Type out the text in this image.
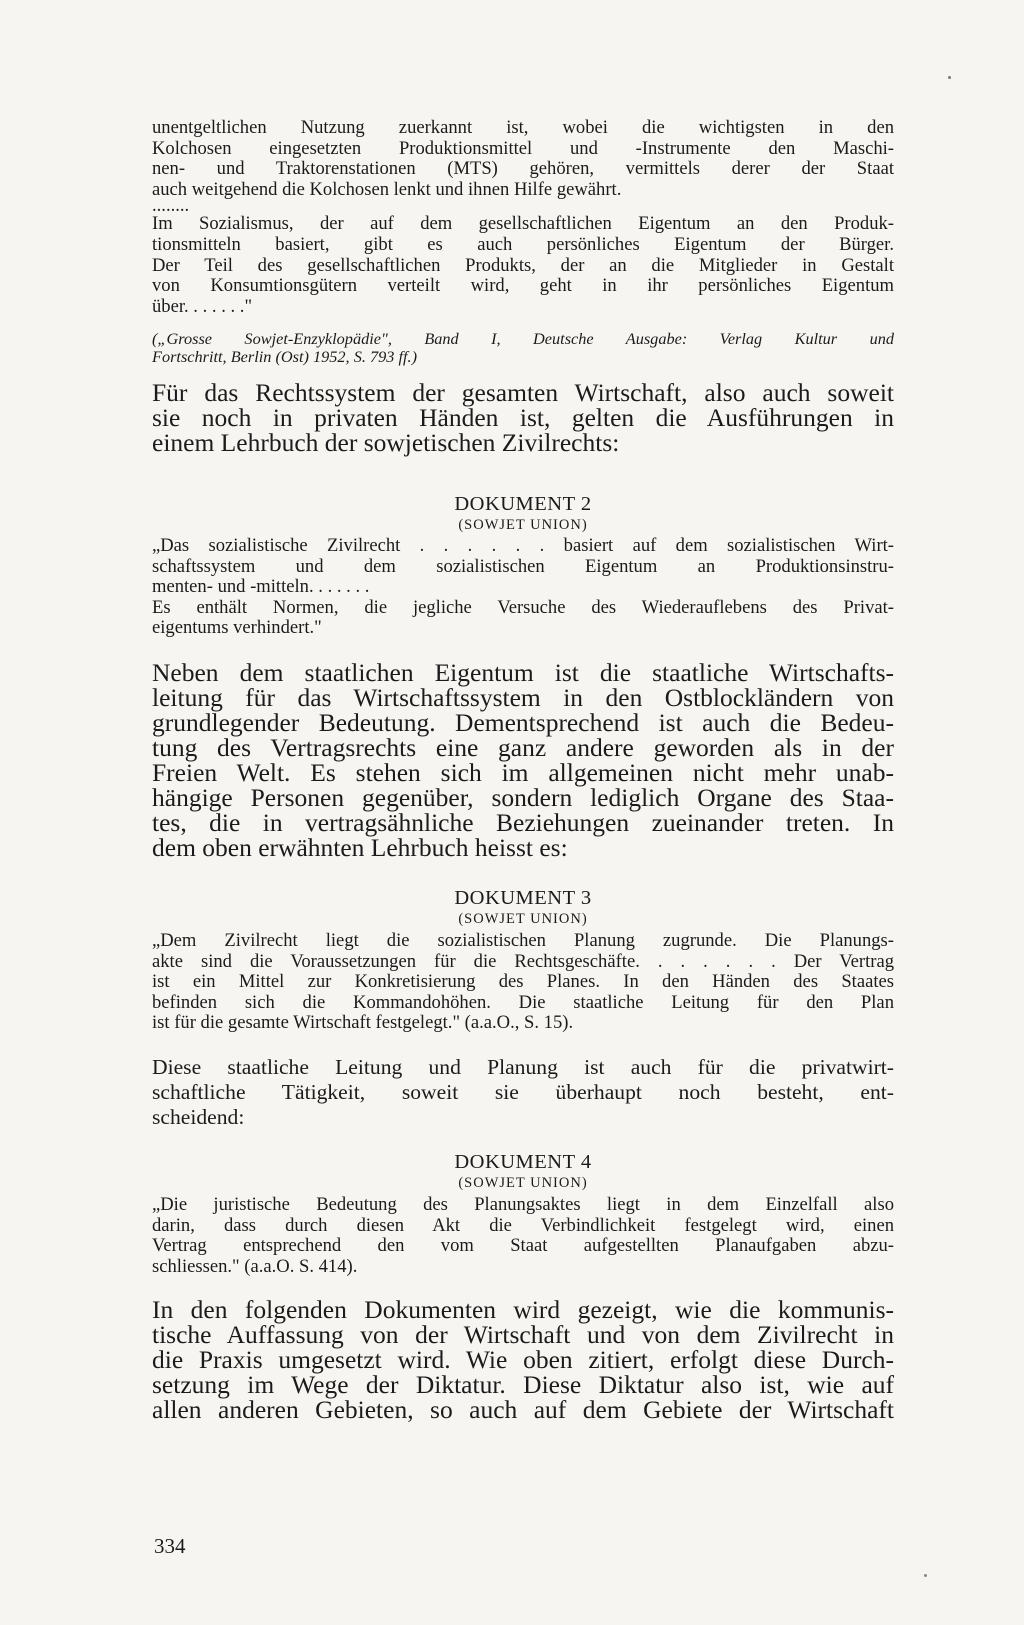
unentgeltlichen Nutzung zuerkannt ist, wobei die wichtigsten in den
Kolchosen eingesetzten Produktionsmittel und -Instrumente den Maschi-
nen- und Traktorenstationen (MTS) gehören, vermittels derer der Staat
auch weitgehend die Kolchosen lenkt und ihnen Hilfe gewährt.
........
Im Sozialismus, der auf dem gesellschaftlichen Eigentum an den Produk-
tionsmitteln basiert, gibt es auch persönliches Eigentum der Bürger.
Der Teil des gesellschaftlichen Produkts, der an die Mitglieder in Gestalt
von Konsumtionsgütern verteilt wird, geht in ihr persönliches Eigentum
über. . . . . . ."
(„Grosse Sowjet-Enzyklopädie", Band I, Deutsche Ausgabe: Verlag Kultur und
Fortschritt, Berlin (Ost) 1952, S. 793 ff.)
Für das Rechtssystem der gesamten Wirtschaft, also auch soweit
sie noch in privaten Händen ist, gelten die Ausführungen in
einem Lehrbuch der sowjetischen Zivilrechts:
DOKUMENT 2
(SOWJET UNION)
„Das sozialistische Zivilrecht . . . . . . basiert auf dem sozialistischen Wirt-
schaftssystem und dem sozialistischen Eigentum an Produktionsinstru-
menten- und -mitteln. . . . . . .
Es enthält Normen, die jegliche Versuche des Wiederauflebens des Privat-
eigentums verhindert."
Neben dem staatlichen Eigentum ist die staatliche Wirtschafts-
leitung für das Wirtschaftssystem in den Ostblockländern von
grundlegender Bedeutung. Dementsprechend ist auch die Bedeu-
tung des Vertragsrechts eine ganz andere geworden als in der
Freien Welt. Es stehen sich im allgemeinen nicht mehr unab-
hängige Personen gegenüber, sondern lediglich Organe des Staa-
tes, die in vertragsähnliche Beziehungen zueinander treten. In
dem oben erwähnten Lehrbuch heisst es:
DOKUMENT 3
(SOWJET UNION)
„Dem Zivilrecht liegt die sozialistischen Planung zugrunde. Die Planungs-
akte sind die Voraussetzungen für die Rechtsgeschäfte. . . . . . . Der Vertrag
ist ein Mittel zur Konkretisierung des Planes. In den Händen des Staates
befinden sich die Kommandohöhen. Die staatliche Leitung für den Plan
ist für die gesamte Wirtschaft festgelegt." (a.a.O., S. 15).
Diese staatliche Leitung und Planung ist auch für die privatwirt-
schaftliche Tätigkeit, soweit sie überhaupt noch besteht, ent-
scheidend:
DOKUMENT 4
(SOWJET UNION)
„Die juristische Bedeutung des Planungsaktes liegt in dem Einzelfall also
darin, dass durch diesen Akt die Verbindlichkeit festgelegt wird, einen
Vertrag entsprechend den vom Staat aufgestellten Planaufgaben abzu-
schliessen." (a.a.O. S. 414).
In den folgenden Dokumenten wird gezeigt, wie die kommunis-
tische Auffassung von der Wirtschaft und von dem Zivilrecht in
die Praxis umgesetzt wird. Wie oben zitiert, erfolgt diese Durch-
setzung im Wege der Diktatur. Diese Diktatur also ist, wie auf
allen anderen Gebieten, so auch auf dem Gebiete der Wirtschaft
334
